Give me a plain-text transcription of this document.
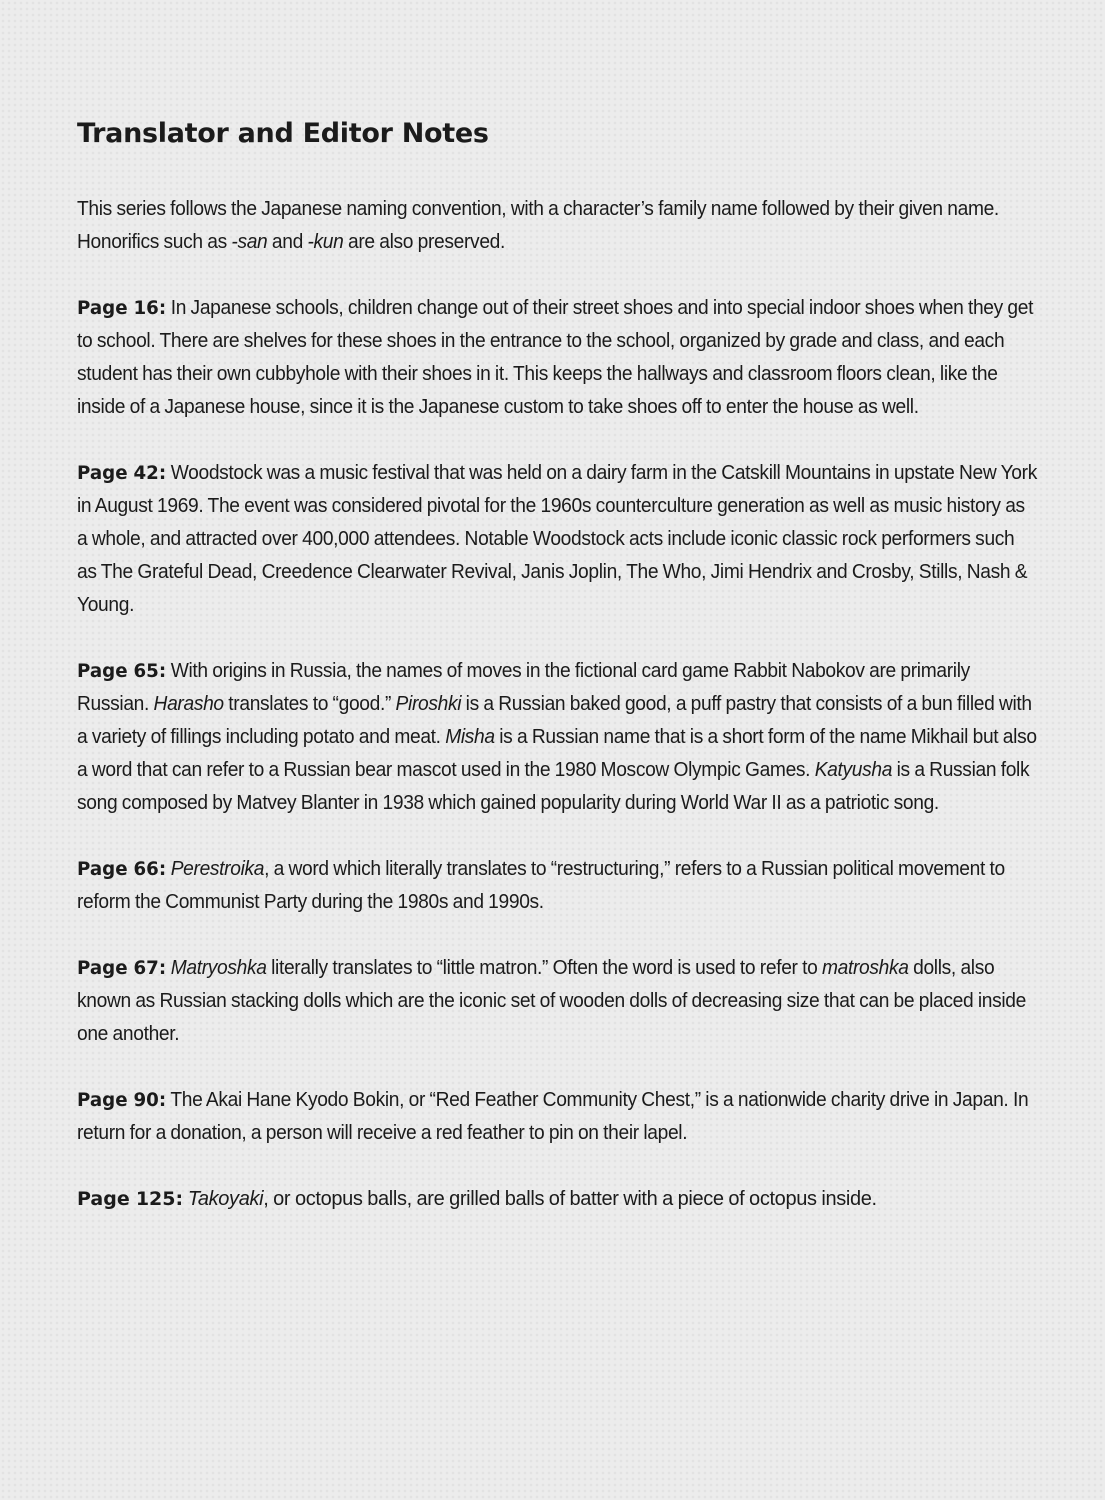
Translator and Editor Notes

This series follows the Japanese naming convention, with a character’s family name followed by their given name. Honorifics such as -san and -kun are also preserved.

Page 16: In Japanese schools, children change out of their street shoes and into special indoor shoes when they get to school. There are shelves for these shoes in the entrance to the school, organized by grade and class, and each student has their own cubbyhole with their shoes in it. This keeps the hallways and classroom floors clean, like the inside of a Japanese house, since it is the Japanese custom to take shoes off to enter the house as well.

Page 42: Woodstock was a music festival that was held on a dairy farm in the Catskill Mountains in upstate New York in August 1969. The event was considered pivotal for the 1960s counterculture generation as well as music history as a whole, and attracted over 400,000 attendees. Notable Woodstock acts include iconic classic rock performers such as The Grateful Dead, Creedence Clearwater Revival, Janis Joplin, The Who, Jimi Hendrix and Crosby, Stills, Nash & Young.

Page 65: With origins in Russia, the names of moves in the fictional card game Rabbit Nabokov are primarily Russian. Harasho translates to “good.” Piroshki is a Russian baked good, a puff pastry that consists of a bun filled with a variety of fillings including potato and meat. Misha is a Russian name that is a short form of the name Mikhail but also a word that can refer to a Russian bear mascot used in the 1980 Moscow Olympic Games. Katyusha is a Russian folk song composed by Matvey Blanter in 1938 which gained popularity during World War II as a patriotic song.

Page 66: Perestroika, a word which literally translates to “restructuring,” refers to a Russian political movement to reform the Communist Party during the 1980s and 1990s.

Page 67: Matryoshka literally translates to “little matron.” Often the word is used to refer to matroshka dolls, also known as Russian stacking dolls which are the iconic set of wooden dolls of decreasing size that can be placed inside one another.

Page 90: The Akai Hane Kyodo Bokin, or “Red Feather Community Chest,” is a nationwide charity drive in Japan. In return for a donation, a person will receive a red feather to pin on their lapel.

Page 125: Takoyaki, or octopus balls, are grilled balls of batter with a piece of octopus inside.
